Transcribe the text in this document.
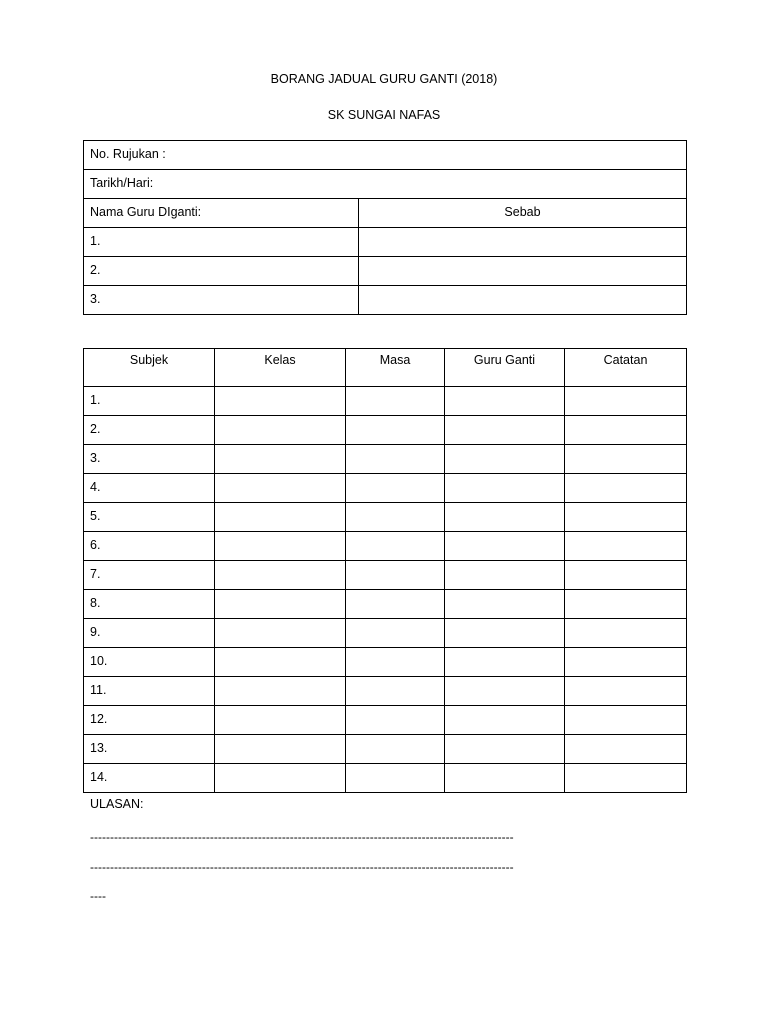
BORANG JADUAL GURU GANTI (2018)
SK SUNGAI NAFAS
No. Rujukan :	
Tarikh/Hari:	
Nama Guru DIganti:	Sebab
1.	
2.	
3.	
Subjek	Kelas	Masa	Guru Ganti	Catatan
1.				
2.				
3.				
4.				
5.				
6.				
7.				
8.				
9.				
10.				
11.				
12.				
13.				
14.				
ULASAN:
----------------------------------------------------------------------------------------------------------
----------------------------------------------------------------------------------------------------------
----
